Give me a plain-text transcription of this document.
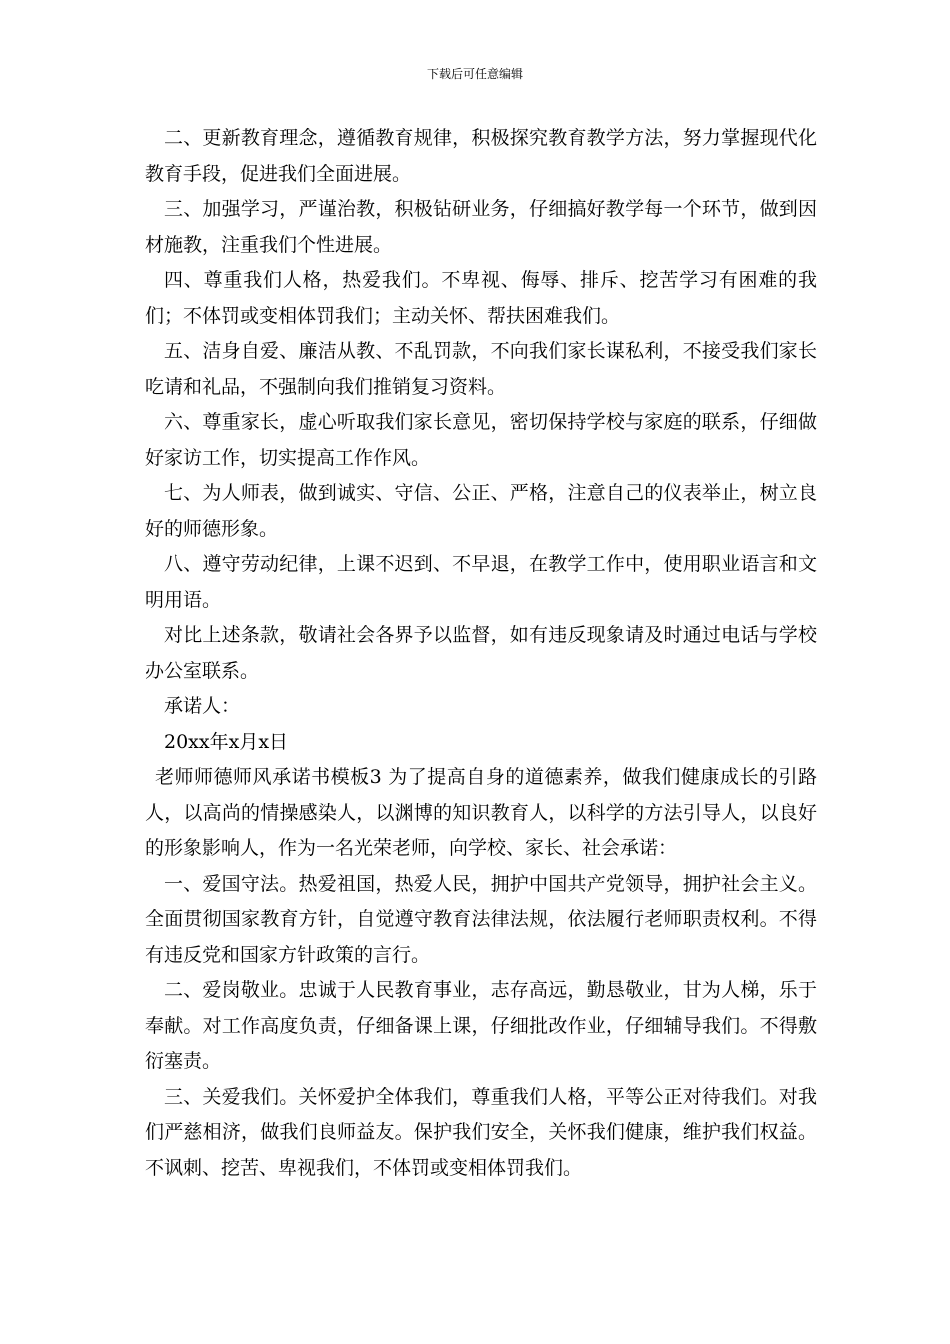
下载后可任意编辑

二、更新教育理念，遵循教育规律，积极探究教育教学方法，努力掌握现代化教育手段，促进我们全面进展。

三、加强学习，严谨治教，积极钻研业务，仔细搞好教学每一个环节，做到因材施教，注重我们个性进展。

四、尊重我们人格，热爱我们。不卑视、侮辱、排斥、挖苦学习有困难的我们；不体罚或变相体罚我们；主动关怀、帮扶困难我们。

五、洁身自爱、廉洁从教、不乱罚款，不向我们家长谋私利，不接受我们家长吃请和礼品，不强制向我们推销复习资料。

六、尊重家长，虚心听取我们家长意见，密切保持学校与家庭的联系，仔细做好家访工作，切实提高工作作风。

七、为人师表，做到诚实、守信、公正、严格，注意自己的仪表举止，树立良好的师德形象。

八、遵守劳动纪律，上课不迟到、不早退，在教学工作中，使用职业语言和文明用语。

对比上述条款，敬请社会各界予以监督，如有违反现象请及时通过电话与学校办公室联系。

承诺人：

20xx年x月x日

老师师德师风承诺书模板3 为了提高自身的道德素养，做我们健康成长的引路人，以高尚的情操感染人，以渊博的知识教育人，以科学的方法引导人，以良好的形象影响人，作为一名光荣老师，向学校、家长、社会承诺：

一、爱国守法。热爱祖国，热爱人民，拥护中国共产党领导，拥护社会主义。全面贯彻国家教育方针，自觉遵守教育法律法规，依法履行老师职责权利。不得有违反党和国家方针政策的言行。

二、爱岗敬业。忠诚于人民教育事业，志存高远，勤恳敬业，甘为人梯，乐于奉献。对工作高度负责，仔细备课上课，仔细批改作业，仔细辅导我们。不得敷衍塞责。

三、关爱我们。关怀爱护全体我们，尊重我们人格，平等公正对待我们。对我们严慈相济，做我们良师益友。保护我们安全，关怀我们健康，维护我们权益。不讽刺、挖苦、卑视我们，不体罚或变相体罚我们。
